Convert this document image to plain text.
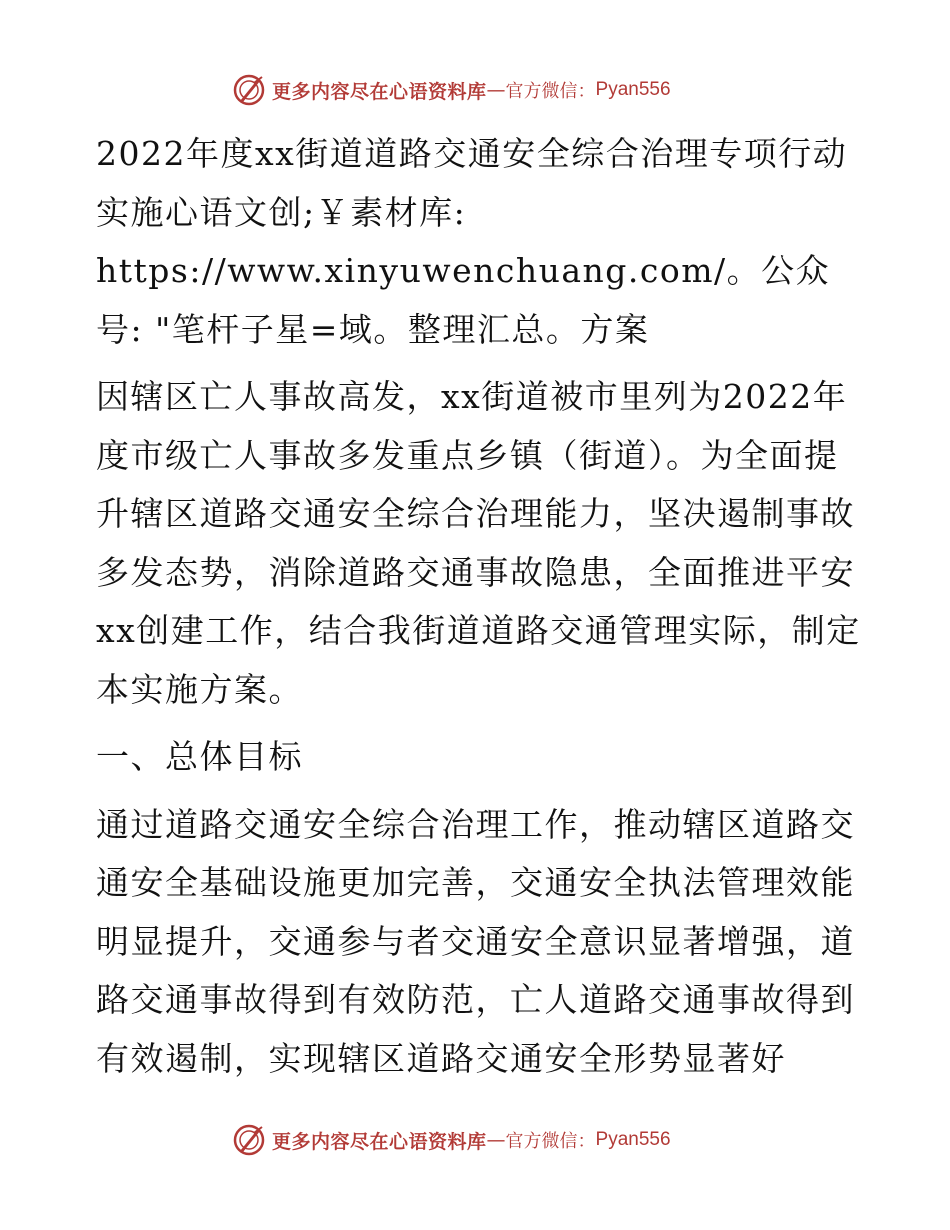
更多内容尽在心语资料库 — 官方微信： Pyan556

2022年度xx街道道路交通安全综合治理专项行动实施心语文创;￥素材库: https://www.xinyuwenchuang.com/。公众号: "笔杆子星=域。整理汇总。方案

因辖区亡人事故高发，xx街道被市里列为2022年度市级亡人事故多发重点乡镇（街道）。为全面提升辖区道路交通安全综合治理能力，坚决遏制事故多发态势，消除道路交通事故隐患，全面推进平安xx创建工作，结合我街道道路交通管理实际，制定本实施方案。

一、总体目标

通过道路交通安全综合治理工作，推动辖区道路交通安全基础设施更加完善，交通安全执法管理效能明显提升，交通参与者交通安全意识显著增强，道路交通事故得到有效防范，亡人道路交通事故得到有效遏制，实现辖区道路交通安全形势显著好

更多内容尽在心语资料库 — 官方微信： Pyan556
